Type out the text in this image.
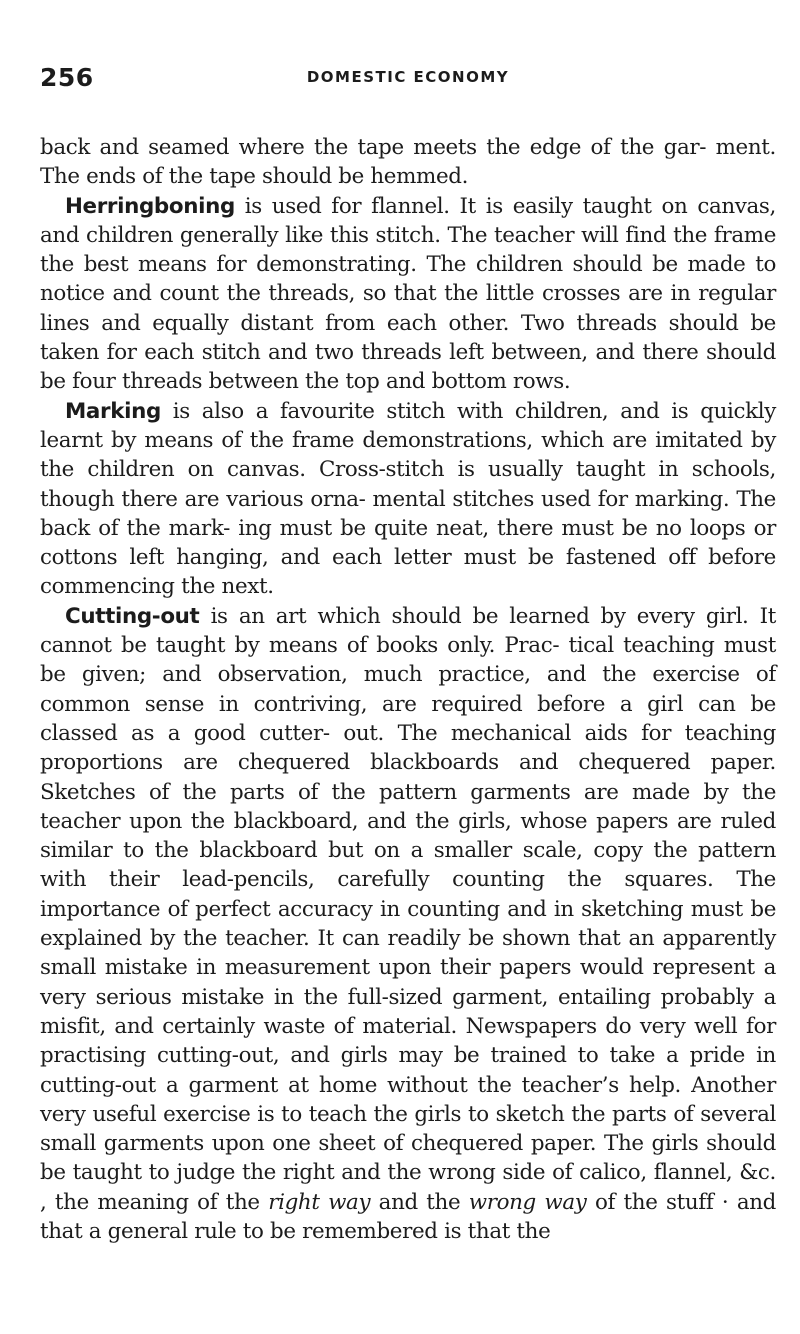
256	DOMESTIC ECONOMY

back and seamed where the tape meets the edge of the gar- ment. The ends of the tape should be hemmed.

Herringboning is used for flannel. It is easily taught on canvas, and children generally like this stitch. The teacher will find the frame the best means for demonstrating. The children should be made to notice and count the threads, so that the little crosses are in regular lines and equally distant from each other. Two threads should be taken for each stitch and two threads left between, and there should be four threads between the top and bottom rows.

Marking is also a favourite stitch with children, and is quickly learnt by means of the frame demonstrations, which are imitated by the children on canvas. Cross-stitch is usually taught in schools, though there are various orna- mental stitches used for marking. The back of the mark- ing must be quite neat, there must be no loops or cottons left hanging, and each letter must be fastened off before commencing the next.

Cutting-out is an art which should be learned by every girl. It cannot be taught by means of books only. Prac- tical teaching must be given; and observation, much practice, and the exercise of common sense in contriving, are required before a girl can be classed as a good cutter- out. The mechanical aids for teaching proportions are chequered blackboards and chequered paper. Sketches of the parts of the pattern garments are made by the teacher upon the blackboard, and the girls, whose papers are ruled similar to the blackboard but on a smaller scale, copy the pattern with their lead-pencils, carefully counting the squares. The importance of perfect accuracy in counting and in sketching must be explained by the teacher. It can readily be shown that an apparently small mistake in measurement upon their papers would represent a very serious mistake in the full-sized garment, entailing probably a misfit, and certainly waste of material. Newspapers do very well for practising cutting-out, and girls may be trained to take a pride in cutting-out a garment at home without the teacher’s help. Another very useful exercise is to teach the girls to sketch the parts of several small garments upon one sheet of chequered paper. The girls should be taught to judge the right and the wrong side of calico, flannel, &c. , the meaning of the right way and the wrong way of the stuff · and that a general rule to be remembered is that the
